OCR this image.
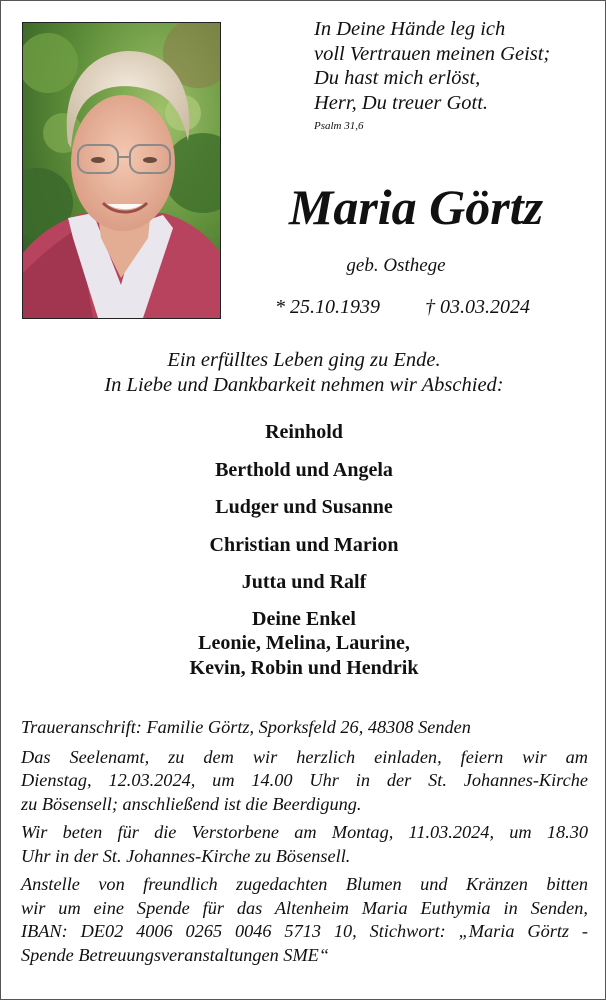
In Deine Hände leg ich
voll Vertrauen meinen Geist;
Du hast mich erlöst,
Herr, Du treuer Gott.
Psalm 31,6
Maria Görtz
geb. Osthege
* 25.10.1939 † 03.03.2024
Ein erfülltes Leben ging zu Ende.
In Liebe und Dankbarkeit nehmen wir Abschied:
Reinhold
Berthold und Angela
Ludger und Susanne
Christian und Marion
Jutta und Ralf
Deine Enkel
Leonie, Melina, Laurine,
Kevin, Robin und Hendrik

Traueranschrift: Familie Görtz, Sporksfeld 26, 48308 Senden

Das Seelenamt, zu dem wir herzlich einladen, feiern wir am
Dienstag, 12.03.2024, um 14.00 Uhr in der St. Johannes-Kirche
zu Bösensell; anschließend ist die Beerdigung.

Wir beten für die Verstorbene am Montag, 11.03.2024, um 18.30
Uhr in der St. Johannes-Kirche zu Bösensell.

Anstelle von freundlich zugedachten Blumen und Kränzen bitten
wir um eine Spende für das Altenheim Maria Euthymia in Senden,
IBAN: DE02 4006 0265 0046 5713 10, Stichwort: „Maria Görtz -
Spende Betreuungsveranstaltungen SME“
